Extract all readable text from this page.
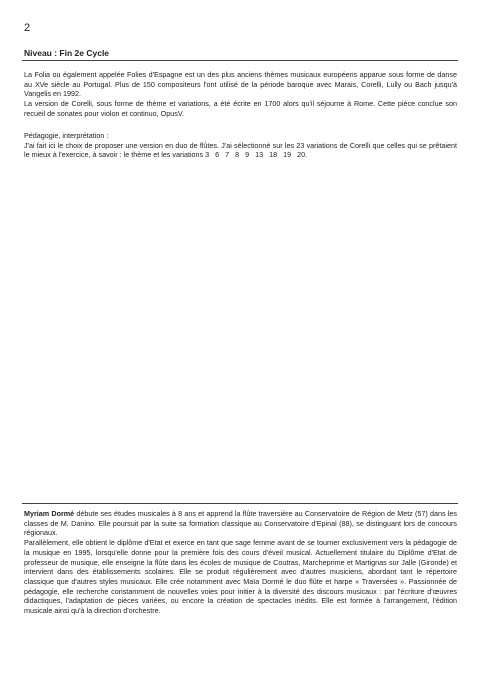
2
Niveau : Fin 2e Cycle

La Folia ou également appelée Folies d'Espagne est un des plus anciens thèmes musicaux européens apparue sous forme de danse au XVe siècle au Portugal. Plus de 150 compositeurs l'ont utilisé de la période baroque avec Marais, Corelli, Lully ou Bach jusqu'à Vangelis en 1992.

La version de Corelli, sous forme de thème et variations, a été écrite en 1700 alors qu'il séjourne à Rome. Cette pièce conclue son recueil de sonates pour violon et continuo, OpusV.

Pédagogie, interprétation :

J'ai fait ici le choix de proposer une version en duo de flûtes. J'ai sélectionné sur les 23 variations de Corelli que celles qui se prêtaient le mieux à l'exercice, à savoir : le thème et les variations 3 6 7 8 9 13 18 19 20.

Myriam Dormé débute ses études musicales à 8 ans et apprend la flûte traversière au Conservatoire de Région de Metz (57) dans les classes de M. Danino. Elle poursuit par la suite sa formation classique au Conservatoire d'Epinal (88), se distinguant lors de concours régionaux.

Parallèlement, elle obtient le diplôme d'Etat et exerce en tant que sage femme avant de se tourner exclusivement vers la pédagogie de la musique en 1995, lorsqu'elle donne pour la première fois des cours d'éveil musical. Actuellement titulaire du Diplôme d'Etat de professeur de musique, elle enseigne la flûte dans les écoles de musique de Coutras, Marcheprime et Martignas sur Jalle (Gironde) et intervient dans des établissements scolaires. Elle se produit régulièrement avec d'autres musiciens, abordant tant le répertoire classique que d'autres styles musicaux. Elle crée notamment avec Maïa Dormé le duo flûte et harpe « Traversées ». Passionnée de pédagogie, elle recherche constamment de nouvelles voies pour initier à la diversité des discours musicaux : par l'écriture d'œuvres didactiques, l'adaptation de pièces variées, ou encore la création de spectacles inédits. Elle est formée à l'arrangement, l'édition musicale ainsi qu'à la direction d'orchestre.
